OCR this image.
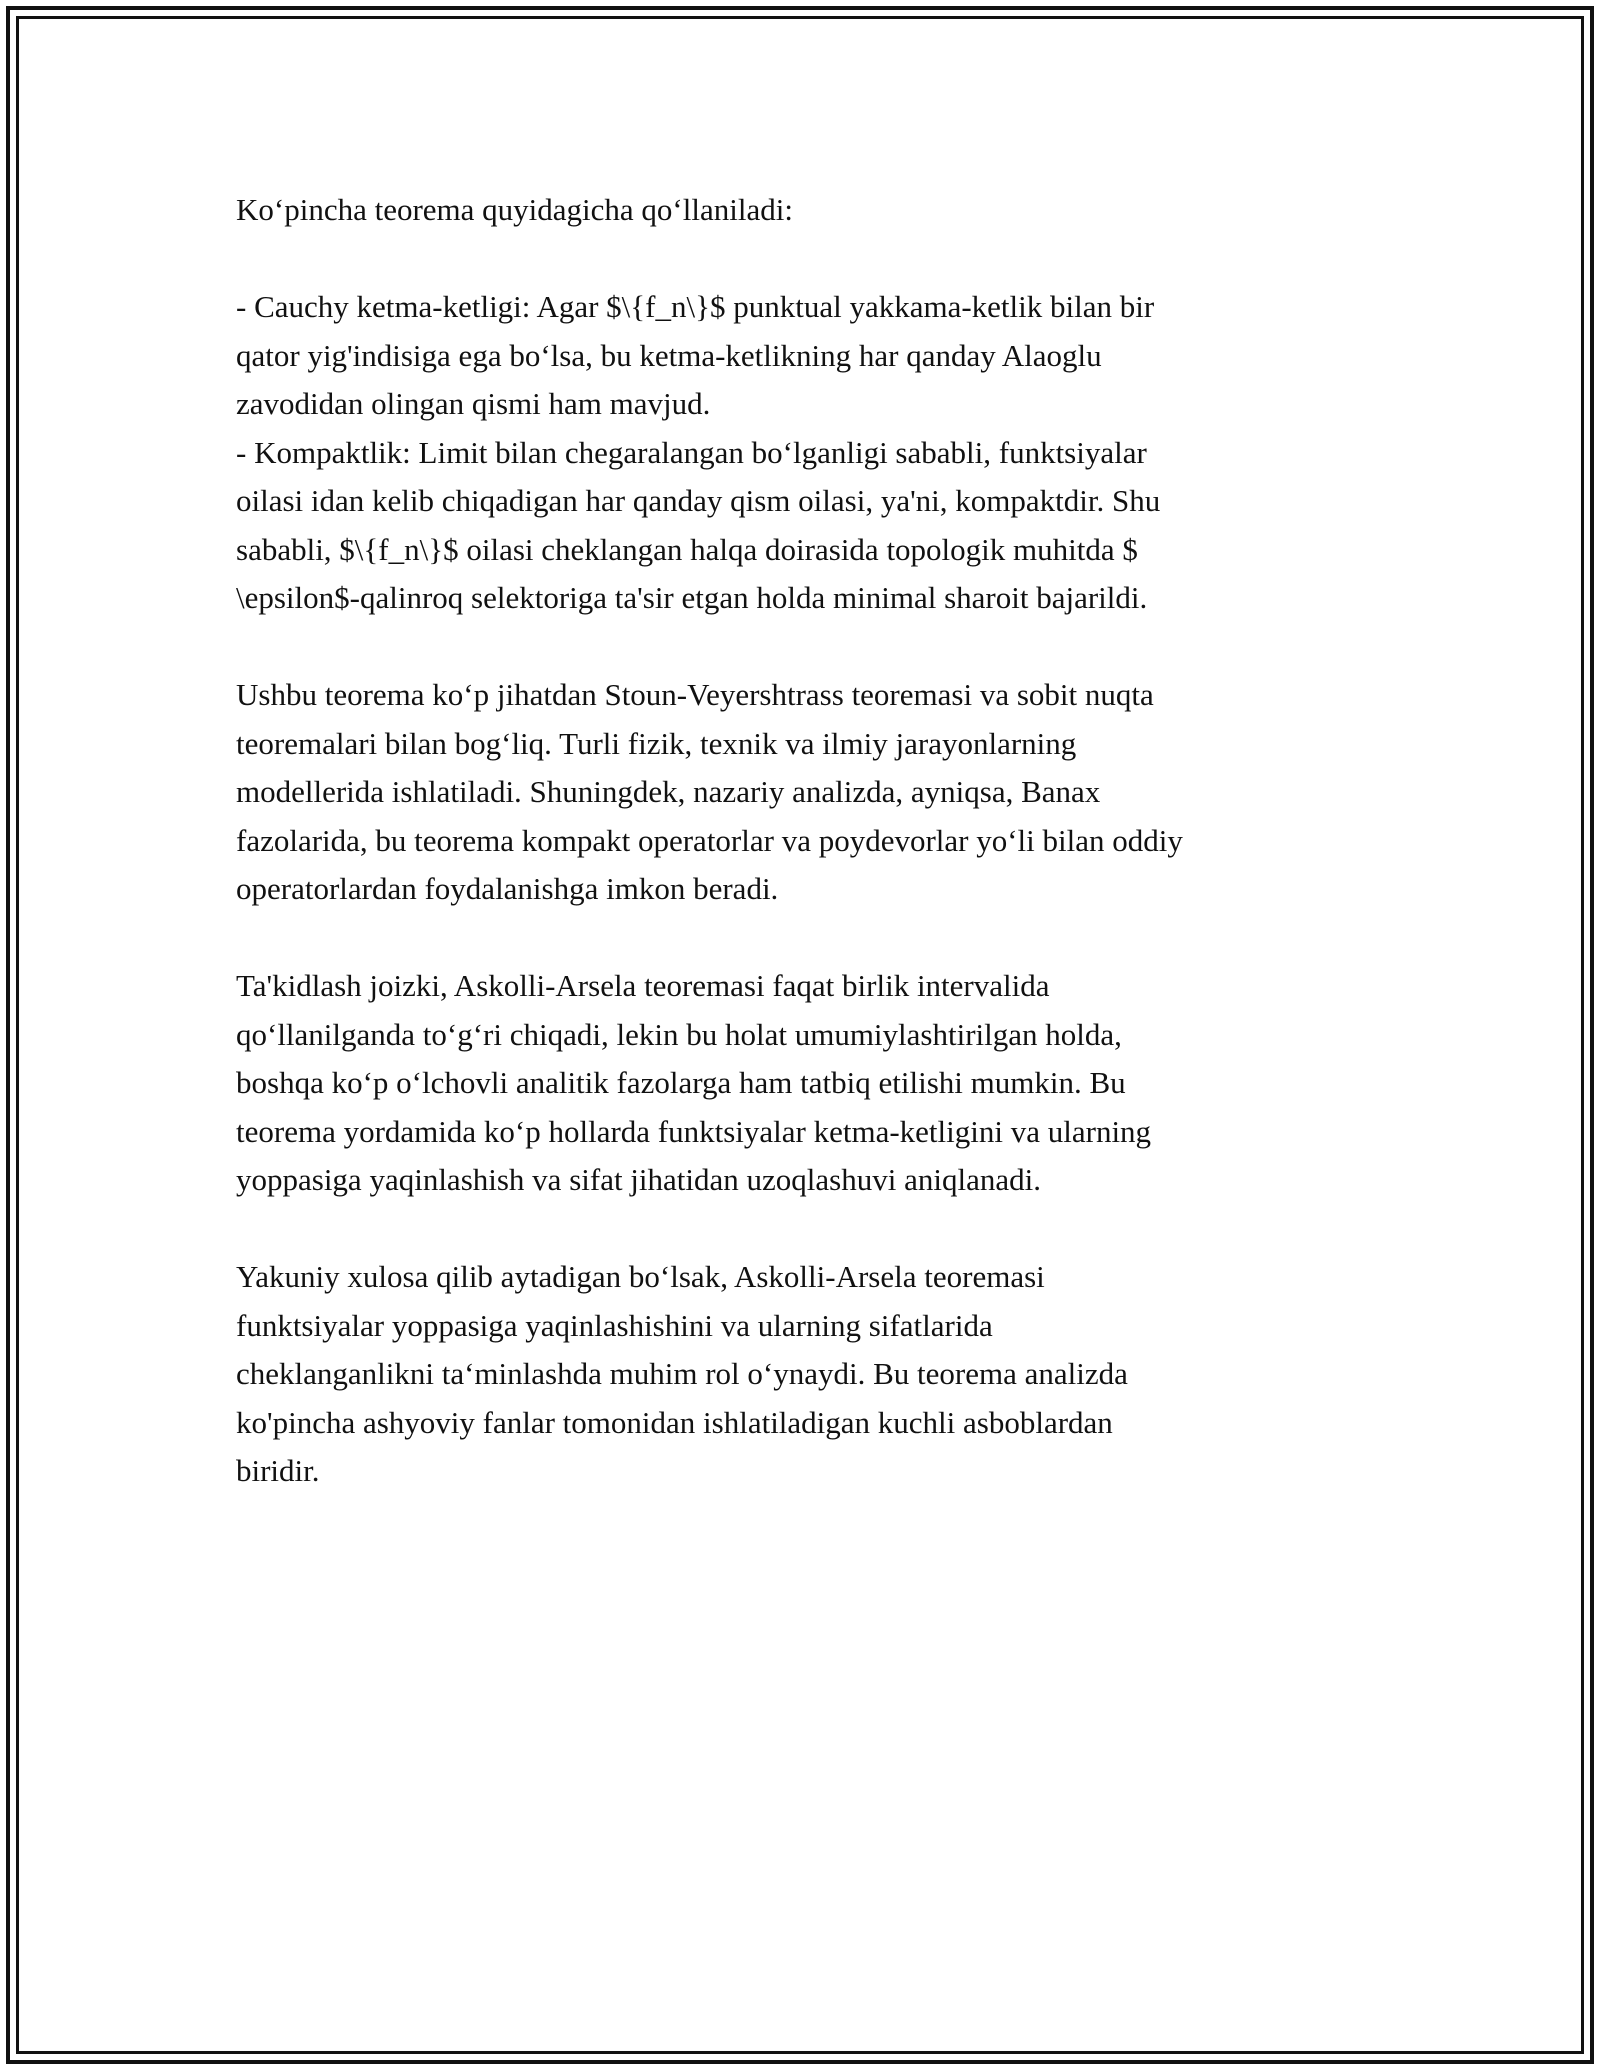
Ko‘pincha teorema quyidagicha qo‘llaniladi:

- Cauchy ketma-ketligi: Agar $\{f_n\}$ punktual yakkama-ketlik bilan bir
qator yig'indisiga ega bo‘lsa, bu ketma-ketlikning har qanday Alaoglu
zavodidan olingan qismi ham mavjud.
- Kompaktlik: Limit bilan chegaralangan bo‘lganligi sababli, funktsiyalar
oilasi idan kelib chiqadigan har qanday qism oilasi, ya'ni, kompaktdir. Shu
sababli, $\{f_n\}$ oilasi cheklangan halqa doirasida topologik muhitda $
\epsilon$-qalinroq selektoriga ta'sir etgan holda minimal sharoit bajarildi.

Ushbu teorema ko‘p jihatdan Stoun-Veyershtrass teoremasi va sobit nuqta
teoremalari bilan bog‘liq. Turli fizik, texnik va ilmiy jarayonlarning
modellerida ishlatiladi. Shuningdek, nazariy analizda, ayniqsa, Banax
fazolarida, bu teorema kompakt operatorlar va poydevorlar yo‘li bilan oddiy
operatorlardan foydalanishga imkon beradi.

Ta'kidlash joizki, Askolli-Arsela teoremasi faqat birlik intervalida
qo‘llanilganda to‘g‘ri chiqadi, lekin bu holat umumiylashtirilgan holda,
boshqa ko‘p o‘lchovli analitik fazolarga ham tatbiq etilishi mumkin. Bu
teorema yordamida ko‘p hollarda funktsiyalar ketma-ketligini va ularning
yoppasiga yaqinlashish va sifat jihatidan uzoqlashuvi aniqlanadi.

Yakuniy xulosa qilib aytadigan bo‘lsak, Askolli-Arsela teoremasi
funktsiyalar yoppasiga yaqinlashishini va ularning sifatlarida
cheklanganlikni ta‘minlashda muhim rol o‘ynaydi. Bu teorema analizda
ko'pincha ashyoviy fanlar tomonidan ishlatiladigan kuchli asboblardan
biridir.
